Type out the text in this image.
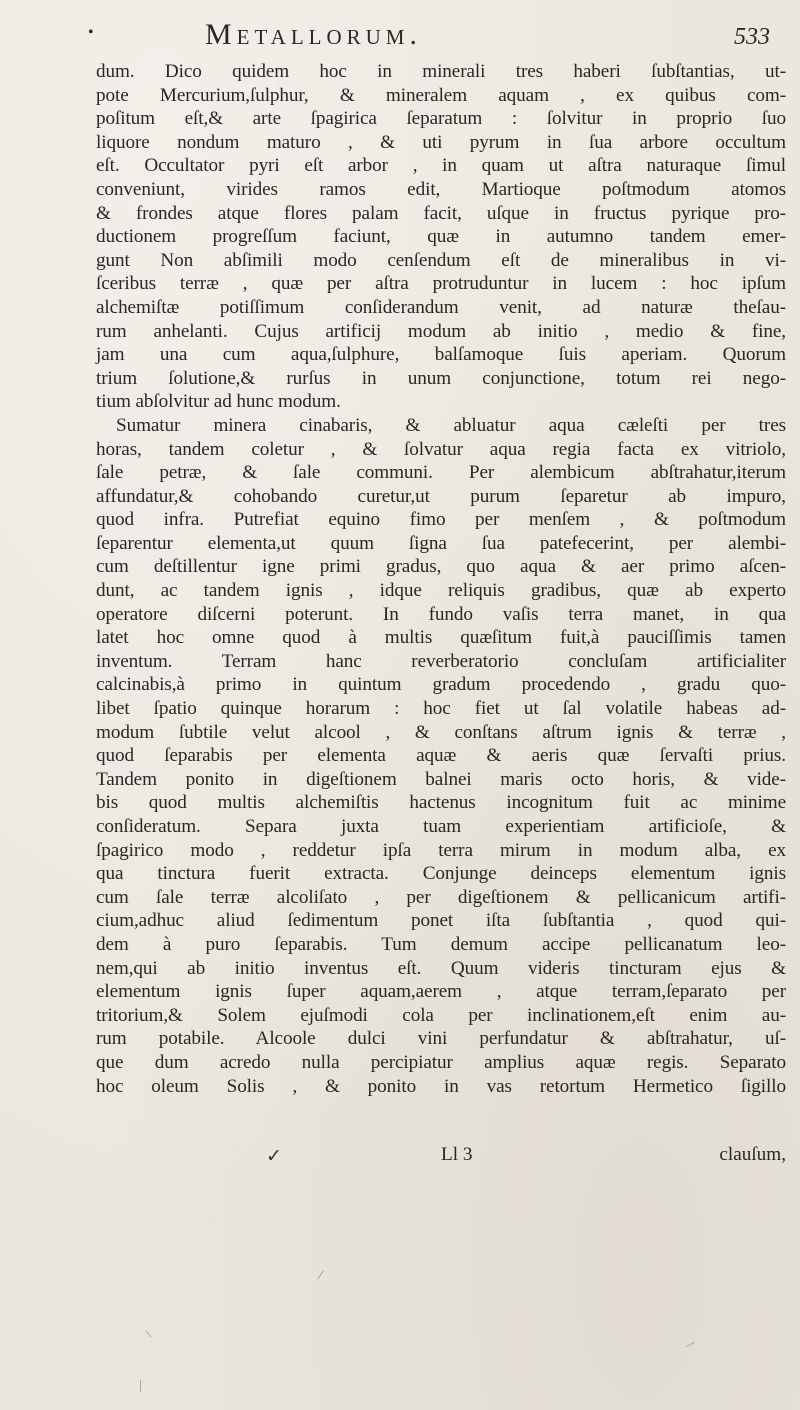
•	Metallorum.	533
dum. Dico quidem hoc in minerali tres haberi ſubſtantias, ut-
pote Mercurium,ſulphur, & mineralem aquam , ex quibus com-
poſitum eſt,& arte ſpagirica ſeparatum : ſolvitur in proprio ſuo
liquore nondum maturo , & uti pyrum in ſua arbore occultum
eſt. Occultator pyri eſt arbor , in quam ut aſtra naturaque ſimul
conveniunt, virides ramos edit, Martioque poſtmodum atomos
& frondes atque flores palam facit, uſque in fructus pyrique pro-
ductionem progreſſum faciunt, quæ in autumno tandem emer-
gunt Non abſimili modo cenſendum eſt de mineralibus in vi-
ſceribus terræ , quæ per aſtra protruduntur in lucem : hoc ipſum
alchemiſtæ potiſſimum conſiderandum venit, ad naturæ theſau-
rum anhelanti. Cujus artificij modum ab initio , medio & fine,
jam una cum aqua,ſulphure, balſamoque ſuis aperiam. Quorum
trium ſolutione,& rurſus in unum conjunctione, totum rei nego-
tium abſolvitur ad hunc modum.
Sumatur minera cinabaris, & abluatur aqua cæleſti per tres
horas, tandem coletur , & ſolvatur aqua regia facta ex vitriolo,
ſale petræ, & ſale communi. Per alembicum abſtrahatur,iterum
affundatur,& cohobando curetur,ut purum ſeparetur ab impuro,
quod infra. Putrefiat equino fimo per menſem , & poſtmodum
ſeparentur elementa,ut quum ſigna ſua patefecerint, per alembi-
cum deſtillentur igne primi gradus, quo aqua & aer primo aſcen-
dunt, ac tandem ignis , idque reliquis gradibus, quæ ab experto
operatore diſcerni poterunt. In fundo vaſis terra manet, in qua
latet hoc omne quod à multis quæſitum fuit,à pauciſſimis tamen
inventum. Terram hanc reverberatorio concluſam artificialiter
calcinabis,à primo in quintum gradum procedendo , gradu quo-
libet ſpatio quinque horarum : hoc fiet ut ſal volatile habeas ad-
modum ſubtile velut alcool , & conſtans aſtrum ignis & terræ ,
quod ſeparabis per elementa aquæ & aeris quæ ſervaſti prius.
Tandem ponito in digeſtionem balnei maris octo horis, & vide-
bis quod multis alchemiſtis hactenus incognitum fuit ac minime
conſideratum. Separa juxta tuam experientiam artificioſe, &
ſpagirico modo , reddetur ipſa terra mirum in modum alba, ex
qua tinctura fuerit extracta. Conjunge deinceps elementum ignis
cum ſale terræ alcoliſato , per digeſtionem & pellicanicum artifi-
cium,adhuc aliud ſedimentum ponet iſta ſubſtantia , quod qui-
dem à puro ſeparabis. Tum demum accipe pellicanatum leo-
nem,qui ab initio inventus eſt. Quum videris tincturam ejus &
elementum ignis ſuper aquam,aerem , atque terram,ſeparato per
tritorium,& Solem ejuſmodi cola per inclinationem,eſt enim au-
rum potabile. Alcoole dulci vini perfundatur & abſtrahatur, uſ-
que dum acredo nulla percipiatur amplius aquæ regis. Separato
hoc oleum Solis , & ponito in vas retortum Hermetico ſigillo
✓	Ll 3	clauſum,
